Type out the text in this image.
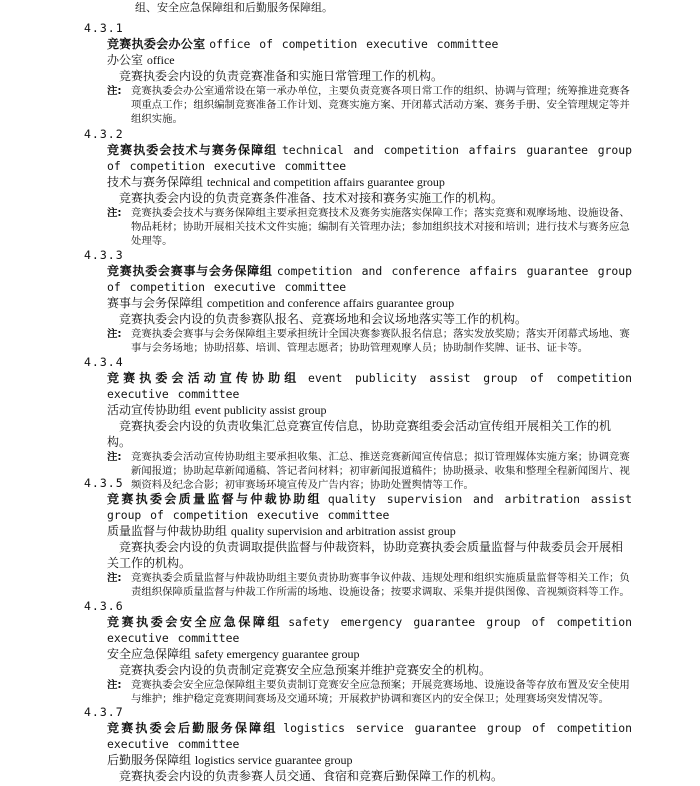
组、安全应急保障组和后勤服务保障组。
4.3.1
竞赛执委会办公室 office of competition executive committee
办公室 office
竞赛执委会内设的负责竞赛准备和实施日常管理工作的机构。
注: 竞赛执委会办公室通常设在第一承办单位，主要负责竞赛各项日常工作的组织、协调与管理；统筹推进竞赛各项重点工作；组织编制竞赛准备工作计划、竞赛实施方案、开闭幕式活动方案、赛务手册、安全管理规定等并组织实施。
4.3.2
竞赛执委会技术与赛务保障组 technical and competition affairs guarantee group of competition executive committee
技术与赛务保障组 technical and competition affairs guarantee group
竞赛执委会内设的负责竞赛条件准备、技术对接和赛务实施工作的机构。
注: 竞赛执委会技术与赛务保障组主要承担竞赛技术及赛务实施落实保障工作；落实竞赛和观摩场地、设施设备、物品耗材；协助开展相关技术文件实施；编制有关管理办法；参加组织技术对接和培训；进行技术与赛务应急处理等。
4.3.3
竞赛执委会赛事与会务保障组 competition and conference affairs guarantee group of competition executive committee
赛事与会务保障组 competition and conference affairs guarantee group
竞赛执委会内设的负责参赛队报名、竞赛场地和会议场地落实等工作的机构。
注: 竞赛执委会赛事与会务保障组主要承担统计全国决赛参赛队报名信息；落实发放奖励；落实开闭幕式场地、赛事与会务场地；协助招募、培训、管理志愿者；协助管理观摩人员；协助制作奖牌、证书、证卡等。
4.3.4
竞赛执委会活动宣传协助组 event publicity assist group of competition executive committee
活动宣传协助组 event publicity assist group
竞赛执委会内设的负责收集汇总竞赛宣传信息，协助竞赛组委会活动宣传组开展相关工作的机构。
注: 竞赛执委会活动宣传协助组主要承担收集、汇总、推送竞赛新闻宣传信息；拟订管理媒体实施方案；协调竞赛新闻报道；协助起草新闻通稿、答记者问材料；初审新闻报道稿件；协助摄录、收集和整理全程新闻图片、视频资料及纪念合影；初审赛场环境宣传及广告内容；协助处置舆情等工作。
4.3.5
竞赛执委会质量监督与仲裁协助组 quality supervision and arbitration assist group of competition executive committee
质量监督与仲裁协助组 quality supervision and arbitration assist group
竞赛执委会内设的负责调取提供监督与仲裁资料，协助竞赛执委会质量监督与仲裁委员会开展相关工作的机构。
注: 竞赛执委会质量监督与仲裁协助组主要负责协助赛事争议仲裁、违规处理和组织实施质量监督等相关工作；负责组织保障质量监督与仲裁工作所需的场地、设施设备；按要求调取、采集并提供图像、音视频资料等工作。
4.3.6
竞赛执委会安全应急保障组 safety emergency guarantee group of competition executive committee
安全应急保障组 safety emergency guarantee group
竞赛执委会内设的负责制定竞赛安全应急预案并维护竞赛安全的机构。
注: 竞赛执委会安全应急保障组主要负责制订竞赛安全应急预案；开展竞赛场地、设施设备等存放布置及安全使用与维护；维护稳定竞赛期间赛场及交通环境；开展救护协调和赛区内的安全保卫；处理赛场突发情况等。
4.3.7
竞赛执委会后勤服务保障组 logistics service guarantee group of competition executive committee
后勤服务保障组 logistics service guarantee group
竞赛执委会内设的负责参赛人员交通、食宿和竞赛后勤保障工作的机构。
